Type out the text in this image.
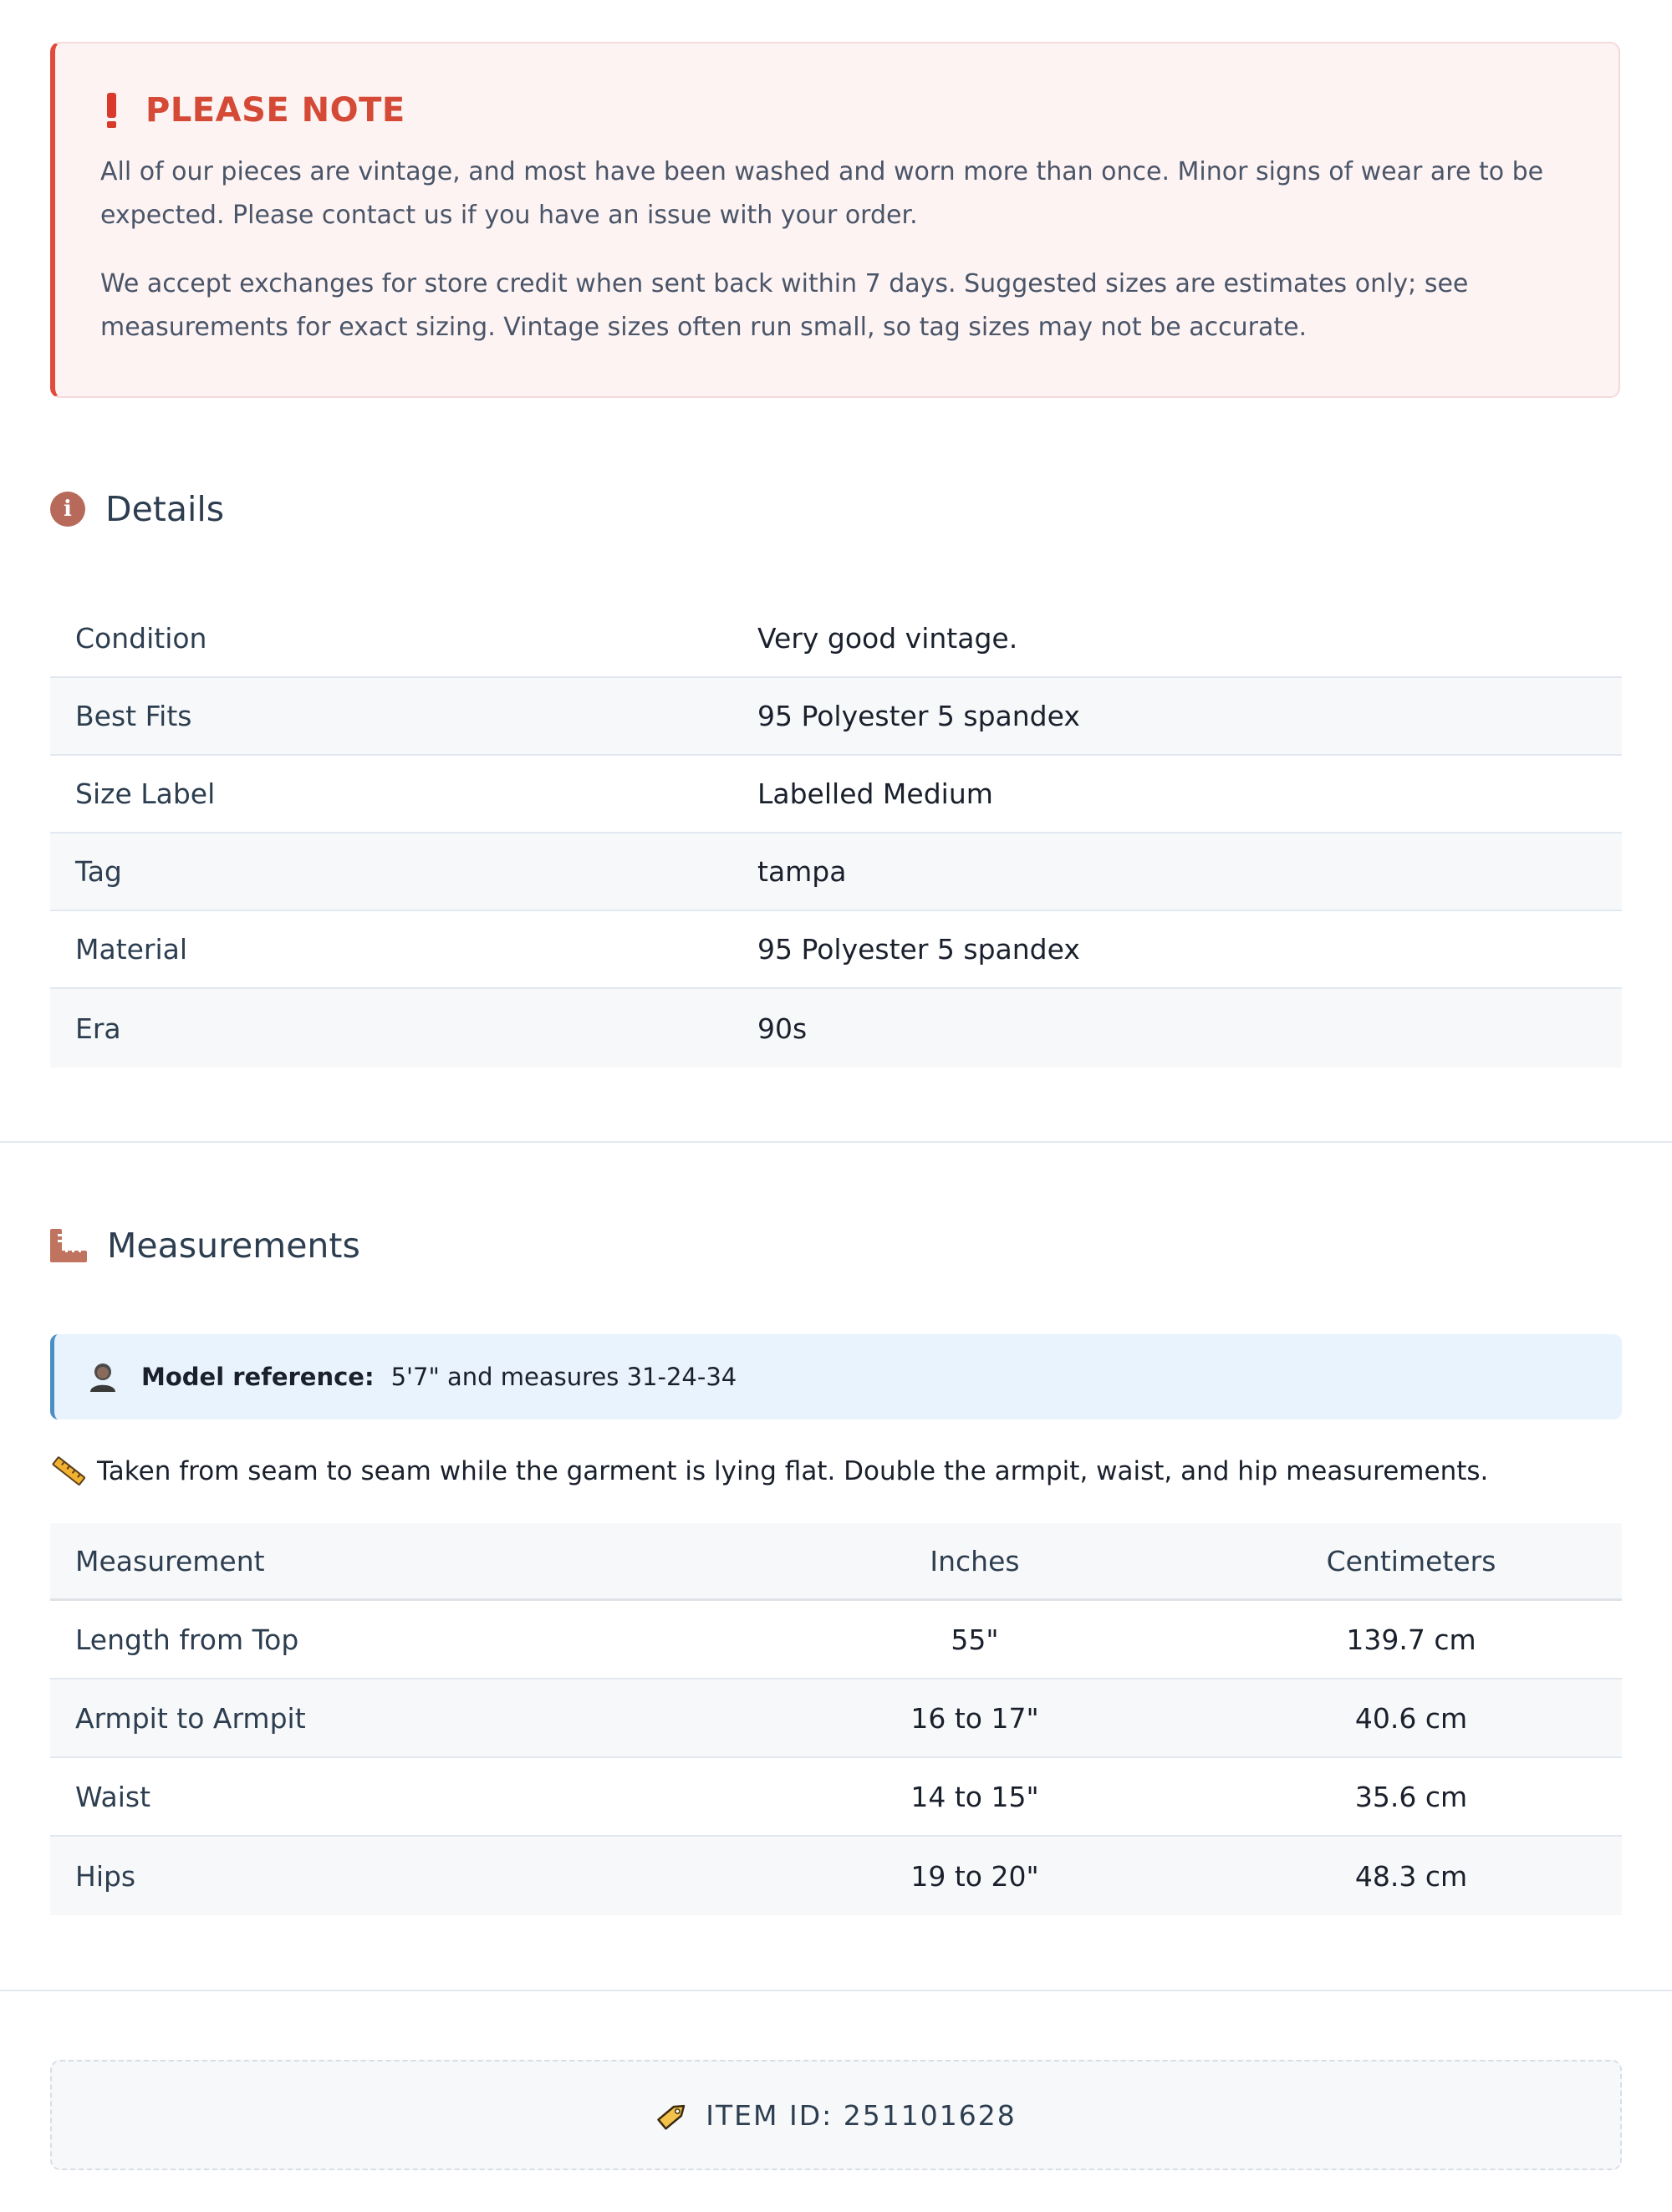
PLEASE NOTE

All of our pieces are vintage, and most have been washed and worn more than once. Minor signs of wear are to be expected. Please contact us if you have an issue with your order.

We accept exchanges for store credit when sent back within 7 days. Suggested sizes are estimates only; see measurements for exact sizing. Vintage sizes often run small, so tag sizes may not be accurate.

i Details
Condition	Very good vintage.
Best Fits	95 Polyester 5 spandex
Size Label	Labelled Medium
Tag	tampa
Material	95 Polyester 5 spandex
Era	90s
Measurements
Model reference: 5'7" and measures 31-24-34
Taken from seam to seam while the garment is lying flat. Double the armpit, waist, and hip measurements.
Measurement	Inches	Centimeters
Length from Top	55"	139.7 cm
Armpit to Armpit	16 to 17"	40.6 cm
Waist	14 to 15"	35.6 cm
Hips	19 to 20"	48.3 cm
ITEM ID: 251101628
